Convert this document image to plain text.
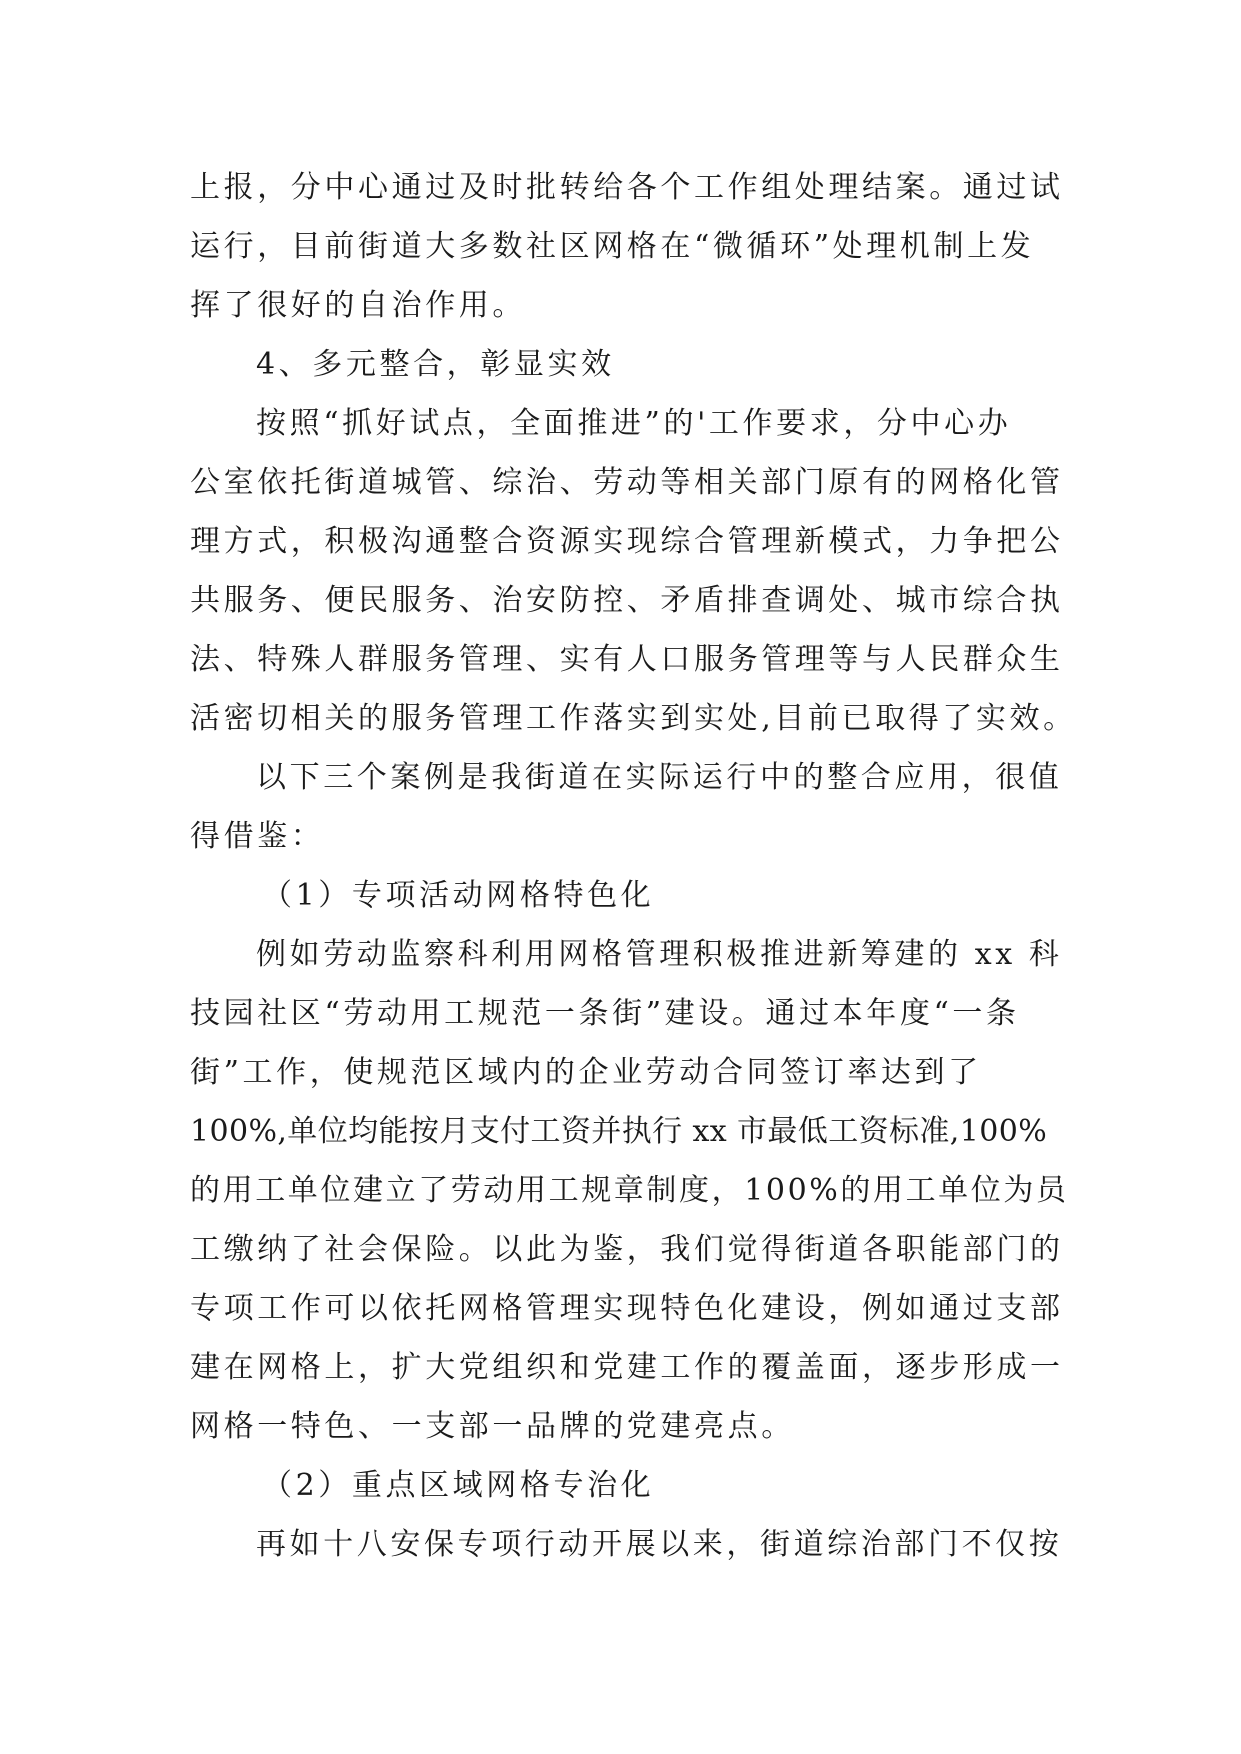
上报，分中心通过及时批转给各个工作组处理结案。通过试
运行，目前街道大多数社区网格在“微循环”处理机制上发
挥了很好的自治作用。
4、多元整合，彰显实效
按照“抓好试点，全面推进”的'工作要求，分中心办
公室依托街道城管、综治、劳动等相关部门原有的网格化管
理方式，积极沟通整合资源实现综合管理新模式，力争把公
共服务、便民服务、治安防控、矛盾排查调处、城市综合执
法、特殊人群服务管理、实有人口服务管理等与人民群众生
活密切相关的服务管理工作落实到实处,目前已取得了实效。
以下三个案例是我街道在实际运行中的整合应用，很值
得借鉴：
（1）专项活动网格特色化
例如劳动监察科利用网格管理积极推进新筹建的 xx 科
技园社区“劳动用工规范一条街”建设。通过本年度“一条
街”工作，使规范区域内的企业劳动合同签订率达到了
100%,单位均能按月支付工资并执行 xx 市最低工资标准,100%
的用工单位建立了劳动用工规章制度，100%的用工单位为员
工缴纳了社会保险。以此为鉴，我们觉得街道各职能部门的
专项工作可以依托网格管理实现特色化建设，例如通过支部
建在网格上，扩大党组织和党建工作的覆盖面，逐步形成一
网格一特色、一支部一品牌的党建亮点。
（2）重点区域网格专治化
再如十八安保专项行动开展以来，街道综治部门不仅按
